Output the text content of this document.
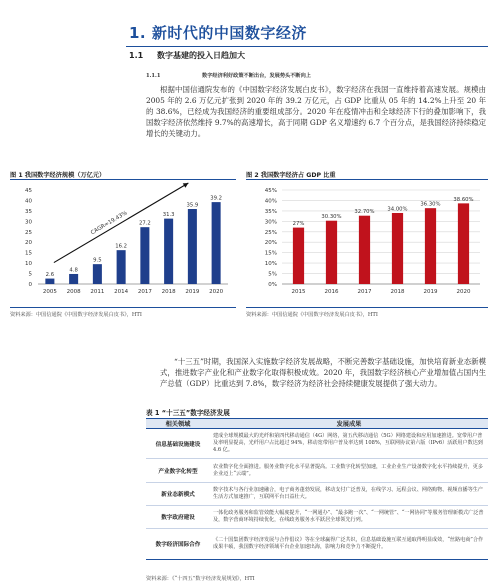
1. 新时代的中国数字经济
1.1 数字基建的投入日趋加大
1.1.1	数字经济利好政策不断出台，发展势头不断向上
根据中国信通院发布的《中国数字经济发展白皮书》，数字经济在我国一直维持着高速发展。规模由 2005 年的 2.6 万亿元扩张到 2020 年的 39.2 万亿元，占 GDP 比重从 05 年的 14.2%上升至 20 年的 38.6%，已经成为我国经济的重要组成部分。2020 年在疫情冲击和全球经济下行的叠加影响下，我国数字经济依然维持 9.7%的高速增长，高于同期 GDP 名义增速约 6.7 个百分点，是我国经济持续稳定增长的关键动力。
图 1 我国数字经济规模（万亿元）
0
5
10
15
20
25
30
35
40
45
2.6
2005
4.8
2008
9.5
2011
16.2
2014
27.2
2017
31.3
2018
35.9
2019
39.2
2020
CAGR=19.43%
资料来源：中国信通院《中国数字经济发展白皮书》，HTI
图 2 我国数字经济占 GDP 比重
0%
5%
10%
15%
20%
25%
30%
35%
40%
45%
27%
2015
30.30%
2016
32.70%
2017
34.00%
2018
36.30%
2019
38.60%
2020
资料来源：中国信通院《中国数字经济发展白皮书》，HTI
“十三五”时期，我国深入实施数字经济发展战略，不断完善数字基础设施，加快培育新业态新模式，推进数字产业化和产业数字化取得积极成效。2020 年，我国数字经济核心产业增加值占国内生产总值（GDP）比重达到 7.8%，数字经济为经济社会持续健康发展提供了强大动力。
表 1 “十三五”数字经济发展
相关领域	发展成果
信息基础设施建设
建成全球规模最大的光纤和第四代移动通信（4G）网络，第五代移动通信（5G）网络建设和应用加速推进。宽带用户普及率明显提高，光纤用户占比超过 94%，移动宽带用户普及率达到 108%，互联网协议第六版（IPv6）活跃用户数达到 4.6 亿。
产业数字化转型
农业数字化全面推进。服务业数字化水平显著提高。工业数字化转型加速，工业企业生产设备数字化水平持续提升，更多企业迈上“云端”。
新业态新模式
数字技术与各行业加速融合，电子商务蓬勃发展，移动支付广泛普及，在线学习、远程会议、网络购物、视频直播等生产生活方式加速推广，互联网平台日益壮大。
数字政府建设
一体化政务服务和监管效能大幅度提升，“一网通办”、“最多跑一次”、“一网统管”、“一网协同”等服务管理新模式广泛普及，数字营商环境持续优化，在线政务服务水平跃居全球领先行列。
数字经济国际合作
《二十国集团数字经济发展与合作倡议》等在全球赢得广泛共识，信息基础设施互联互通取得明显成效，“丝路电商”合作成果丰硕，我国数字经济领域平台企业加速出海，影响力和竞争力不断提升。
资料来源：《“十四五”数字经济发展规划》，HTI
